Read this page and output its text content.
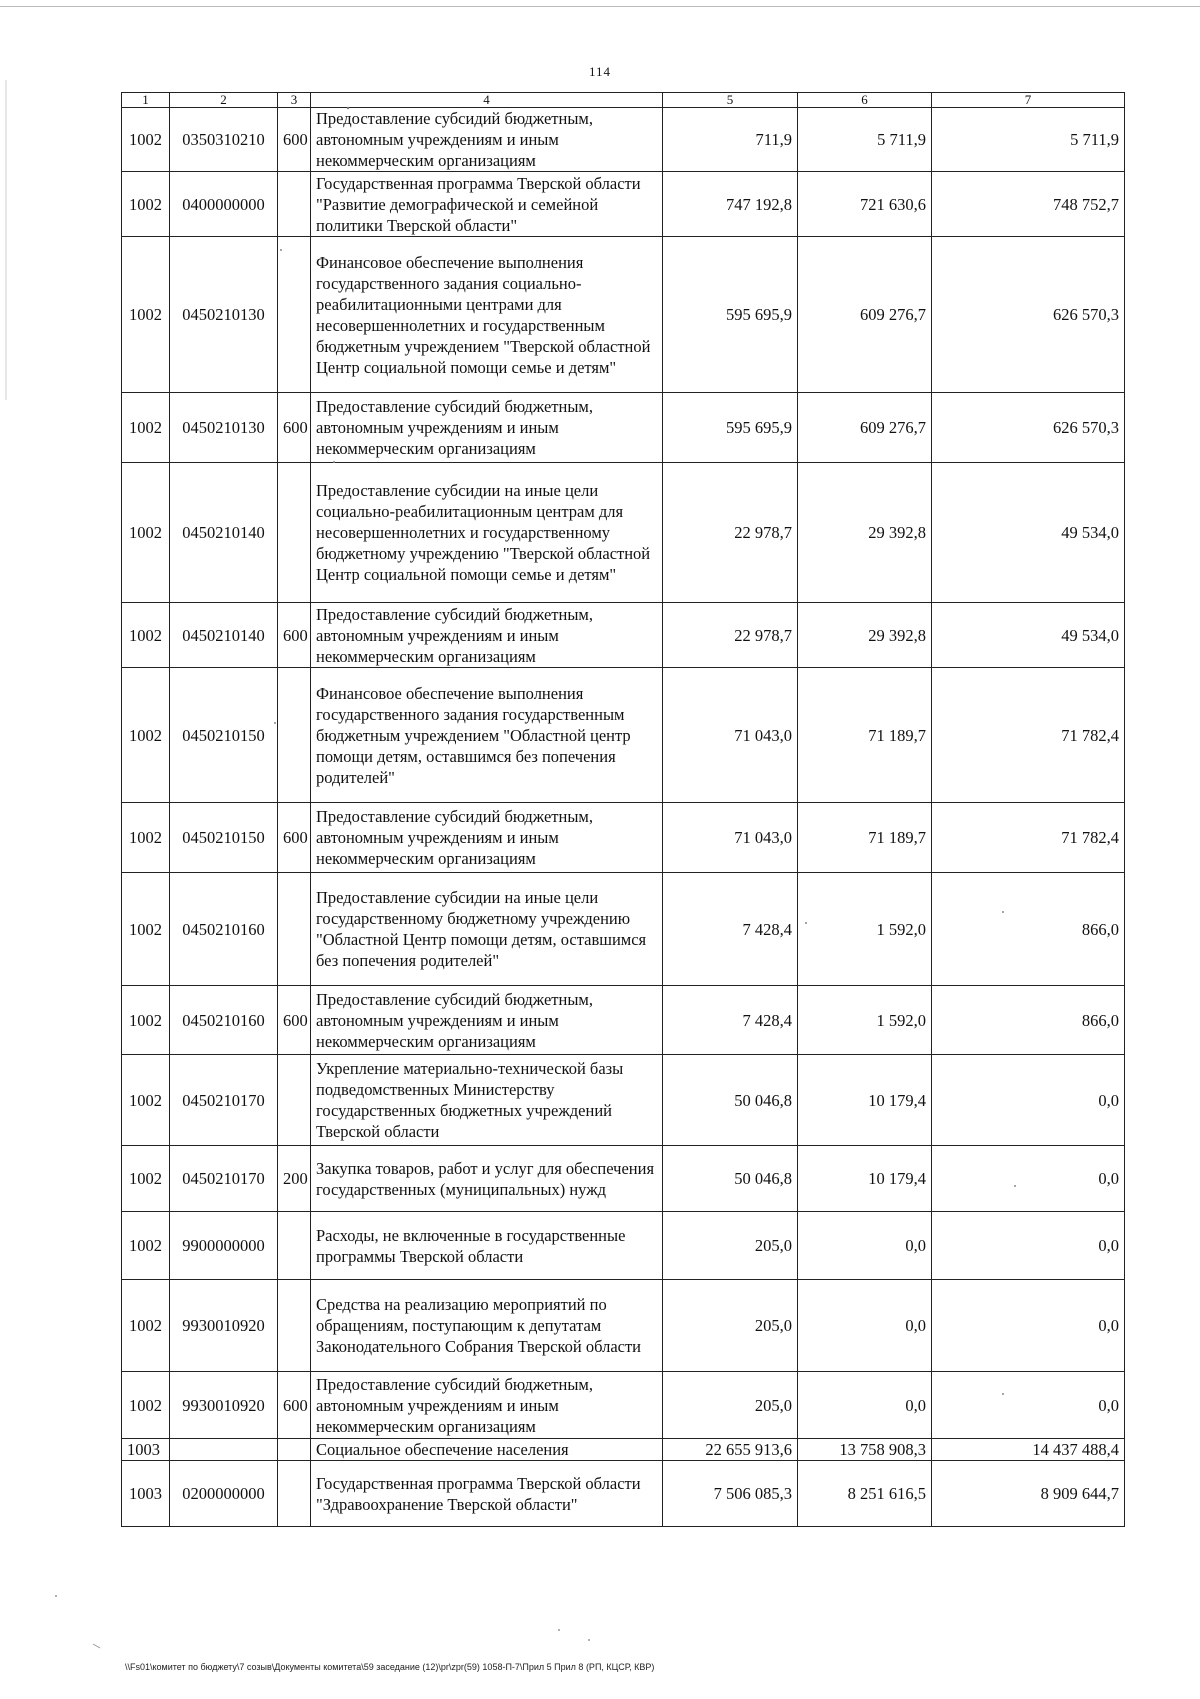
114
1	2	3	4	5	6	7
1002	0350310210	600	Предоставление субсидий бюджетным, автономным учреждениям и иным некоммерческим организациям	711,9	5 711,9	5 711,9
1002	0400000000		Государственная программа Тверской области "Развитие демографической и семейной политики Тверской области"	747 192,8	721 630,6	748 752,7
1002	0450210130		Финансовое обеспечение выполнения государственного задания социально-реабилитационными центрами для несовершеннолетних и государственным бюджетным учреждением "Тверской областной Центр социальной помощи семье и детям"	595 695,9	609 276,7	626 570,3
1002	0450210130	600	Предоставление субсидий бюджетным, автономным учреждениям и иным некоммерческим организациям	595 695,9	609 276,7	626 570,3
1002	0450210140		Предоставление субсидии на иные цели социально-реабилитационным центрам для несовершеннолетних и государственному бюджетному учреждению "Тверской областной Центр социальной помощи семье и детям"	22 978,7	29 392,8	49 534,0
1002	0450210140	600	Предоставление субсидий бюджетным, автономным учреждениям и иным некоммерческим организациям	22 978,7	29 392,8	49 534,0
1002	0450210150		Финансовое обеспечение выполнения государственного задания государственным бюджетным учреждением "Областной центр помощи детям, оставшимся без попечения родителей"	71 043,0	71 189,7	71 782,4
1002	0450210150	600	Предоставление субсидий бюджетным, автономным учреждениям и иным некоммерческим организациям	71 043,0	71 189,7	71 782,4
1002	0450210160		Предоставление субсидии на иные цели государственному бюджетному учреждению "Областной Центр помощи детям, оставшимся без попечения родителей"	7 428,4	1 592,0	866,0
1002	0450210160	600	Предоставление субсидий бюджетным, автономным учреждениям и иным некоммерческим организациям	7 428,4	1 592,0	866,0
1002	0450210170		Укрепление материально-технической базы подведомственных Министерству государственных бюджетных учреждений Тверской области	50 046,8	10 179,4	0,0
1002	0450210170	200	Закупка товаров, работ и услуг для обеспечения государственных (муниципальных) нужд	50 046,8	10 179,4	0,0
1002	9900000000		Расходы, не включенные в государственные программы Тверской области	205,0	0,0	0,0
1002	9930010920		Средства на реализацию мероприятий по обращениям, поступающим к депутатам Законодательного Собрания Тверской области	205,0	0,0	0,0
1002	9930010920	600	Предоставление субсидий бюджетным, автономным учреждениям и иным некоммерческим организациям	205,0	0,0	0,0
1003			Социальное обеспечение населения	22 655 913,6	13 758 908,3	14 437 488,4
1003	0200000000		Государственная программа Тверской области "Здравоохранение Тверской области"	7 506 085,3	8 251 616,5	8 909 644,7
\\Fs01\комитет по бюджету\7 созыв\Документы комитета\59 заседание (12)\pr\zpr(59) 1058-П-7\Прил 5 Прил 8 (РП, КЦСР, КВР)
